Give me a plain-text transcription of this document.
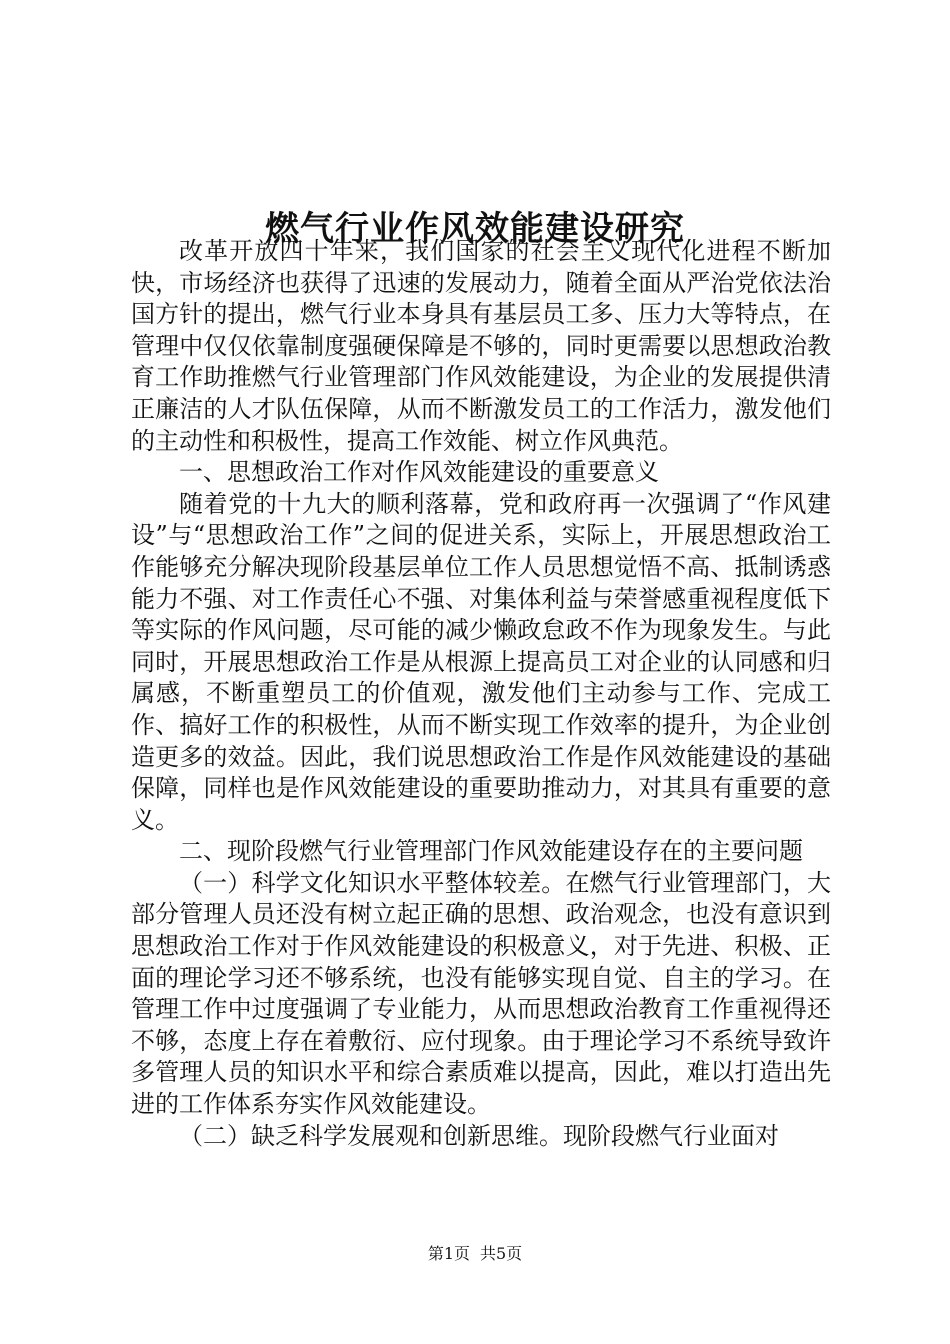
燃气行业作风效能建设研究

改革开放四十年来，我们国家的社会主义现代化进程不断加快，市场经济也获得了迅速的发展动力，随着全面从严治党依法治国方针的提出，燃气行业本身具有基层员工多、压力大等特点，在管理中仅仅依靠制度强硬保障是不够的，同时更需要以思想政治教育工作助推燃气行业管理部门作风效能建设，为企业的发展提供清正廉洁的人才队伍保障，从而不断激发员工的工作活力，激发他们的主动性和积极性，提高工作效能、树立作风典范。

一、思想政治工作对作风效能建设的重要意义

随着党的十九大的顺利落幕，党和政府再一次强调了“作风建设”与“思想政治工作”之间的促进关系，实际上，开展思想政治工作能够充分解决现阶段基层单位工作人员思想觉悟不高、抵制诱惑能力不强、对工作责任心不强、对集体利益与荣誉感重视程度低下等实际的作风问题，尽可能的减少懒政怠政不作为现象发生。与此同时，开展思想政治工作是从根源上提高员工对企业的认同感和归属感，不断重塑员工的价值观，激发他们主动参与工作、完成工作、搞好工作的积极性，从而不断实现工作效率的提升，为企业创造更多的效益。因此，我们说思想政治工作是作风效能建设的基础保障，同样也是作风效能建设的重要助推动力，对其具有重要的意义。

二、现阶段燃气行业管理部门作风效能建设存在的主要问题

（一）科学文化知识水平整体较差。在燃气行业管理部门，大部分管理人员还没有树立起正确的思想、政治观念，也没有意识到思想政治工作对于作风效能建设的积极意义，对于先进、积极、正面的理论学习还不够系统，也没有能够实现自觉、自主的学习。在管理工作中过度强调了专业能力，从而思想政治教育工作重视得还不够，态度上存在着敷衍、应付现象。由于理论学习不系统导致许多管理人员的知识水平和综合素质难以提高，因此，难以打造出先进的工作体系夯实作风效能建设。

（二）缺乏科学发展观和创新思维。现阶段燃气行业面对

第1页 共5页
